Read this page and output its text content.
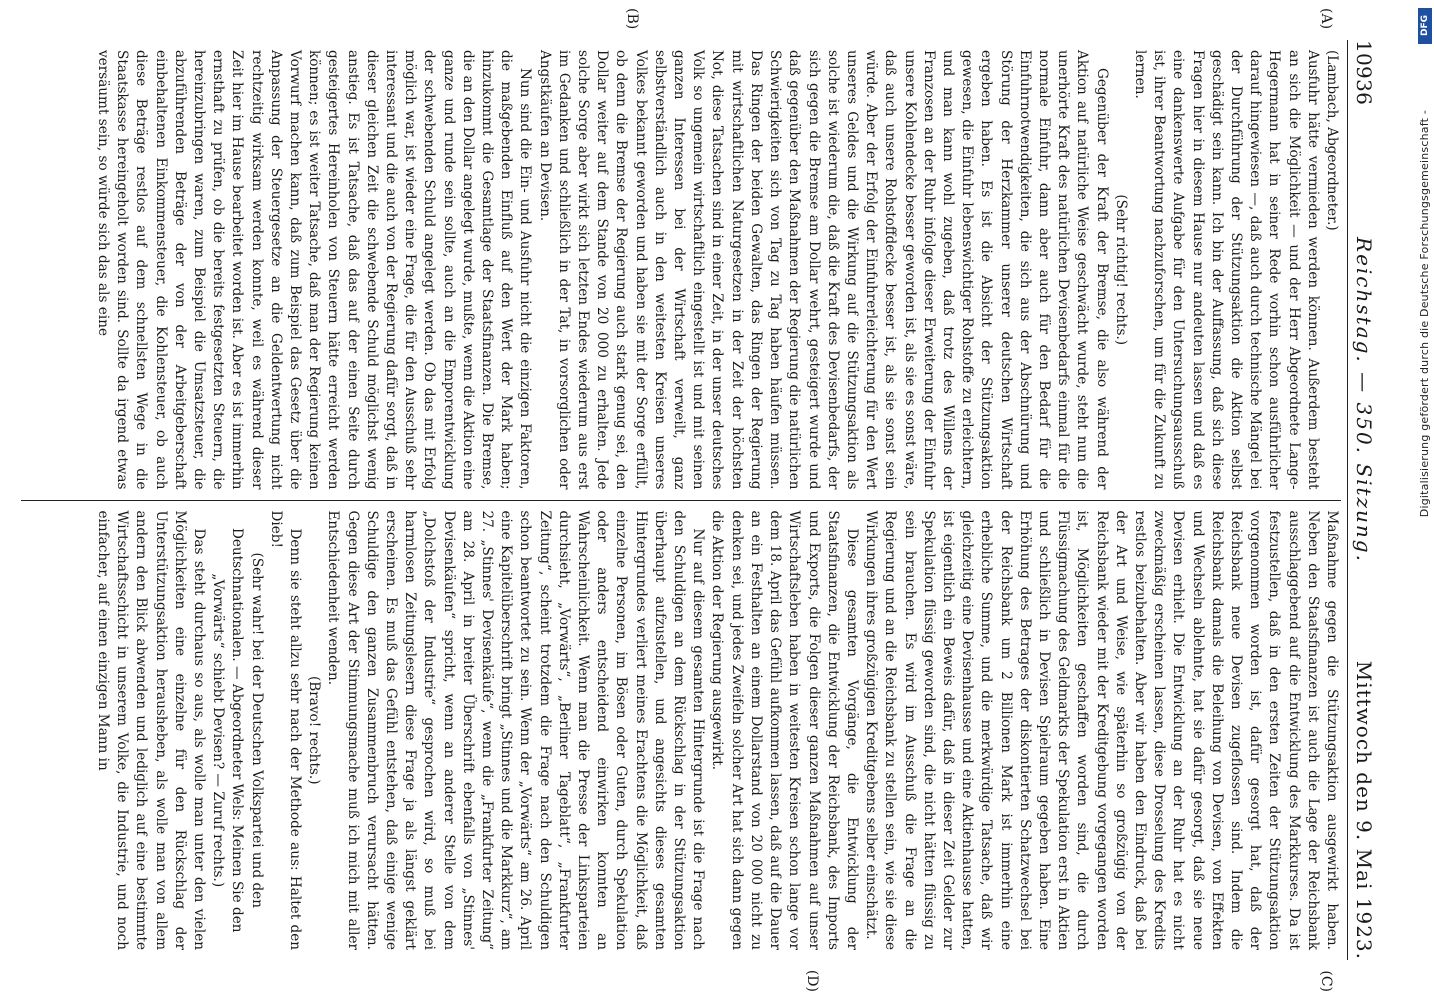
10936
Reichstag. — 350. Sitzung.
Mittwoch den 9. Mai 1923.
(A)
(B)

(Lambach, Abgeordneter.)

Ausfuhr hätte vermieden werden können. Außerdem besteht an sich die Möglichkeit — und der Herr Abgeordnete Lange-Hegermann hat in seiner Rede vorhin schon ausführlicher darauf hingewiesen —, daß auch durch technische Mängel bei der Durchführung der Stützungsaktion die Aktion selbst geschädigt sein kann. Ich bin der Auffassung, daß sich diese Fragen hier in diesem Hause nur andeuten lassen und daß es eine dankenswerte Aufgabe für den Untersuchungsausschuß ist, ihrer Beantwortung nachzuforschen, um für die Zukunft zu lernen.

(Sehr richtig! rechts.)

Gegenüber der Kraft der Bremse, die also während der Aktion auf natürliche Weise geschwächt wurde, steht nun die unerhörte Kraft des natürlichen Devisenbedarfs einmal für die normale Einfuhr, dann aber auch für den Bedarf für die Einfuhrnotwendigkeiten, die sich aus der Abschnürung und Störung der Herzkammer unserer deutschen Wirtschaft ergeben haben. Es ist die Absicht der Stützungsaktion gewesen, die Einfuhr lebenswichtiger Rohstoffe zu erleichtern, und man kann wohl zugeben, daß trotz des Willens der Franzosen an der Ruhr infolge dieser Erweiterung der Einfuhr unsere Kohlendecke besser geworden ist, als sie es sonst wäre, daß auch unsere Rohstoffdecke besser ist, als sie sonst sein würde. Aber der Erfolg der Einfuhrerleichterung für den Wert unseres Geldes und die Wirkung auf die Stützungsaktion als solche ist wiederum die, daß die Kraft des Devisenbedarfs, der sich gegen die Bremse am Dollar wehrt, gesteigert wurde und daß gegenüber den Maßnahmen der Regierung die natürlichen Schwierigkeiten sich von Tag zu Tag haben häufen müssen. Das Ringen der beiden Gewalten, das Ringen der Regierung mit wirtschaftlichen Naturgesetzen in der Zeit der höchsten Not, diese Tatsachen sind in einer Zeit, in der unser deutsches Volk so ungemein wirtschaftlich eingestellt ist und mit seinen ganzen Interessen bei der Wirtschaft verweilt, ganz selbstverständlich auch in den weitesten Kreisen unseres Volkes bekannt geworden und haben sie mit der Sorge erfüllt, ob denn die Bremse der Regierung auch stark genug sei, den Dollar weiter auf dem Stande von 20 000 zu erhalten. Jede solche Sorge aber wirkt sich letzten Endes wiederum aus erst im Gedanken und schließlich in der Tat, in vorsorglichen oder Angstkäufen an Devisen.

Nun sind die Ein- und Ausfuhr nicht die einzigen Faktoren, die maßgebenden Einfluß auf den Wert der Mark haben; hinzukommt die Gesamtlage der Staatsfinanzen. Die Bremse, die an den Dollar angelegt wurde, mußte, wenn die Aktion eine ganze und runde sein sollte, auch an die Emporentwicklung der schwebenden Schuld angelegt werden. Ob das mit Erfolg möglich war, ist wieder eine Frage, die für den Ausschuß sehr interessant und die auch von der Regierung dafür sorgt, daß in dieser gleichen Zeit die schwebende Schuld möglichst wenig anstieg. Es ist Tatsache, daß das auf der einen Seite durch gesteigertes Hereinholen von Steuern hätte erreicht werden können; es ist weiter Tatsache, daß man der Regierung keinen Vorwurf machen kann, daß zum Beispiel das Gesetz über die Anpassung der Steuergesetze an die Geldentwertung nicht rechtzeitig wirksam werden konnte, weil es während dieser Zeit hier im Hause bearbeitet worden ist. Aber es ist immerhin ernsthaft zu prüfen, ob die bereits festgesetzten Steuern, die hereinzubringen waren, zum Beispiel die Umsatzsteuer, die abzuführenden Beträge der von der Arbeitgeberschaft einbehaltenen Einkommensteuer, die Kohlensteuer, ob auch diese Beträge restlos auf dem schnellsten Wege in die Staatskasse hereingeholt worden sind. Sollte da irgend etwas versäumt sein, so würde sich das als eine

(C)
(D)

Maßnahme gegen die Stützungsaktion ausgewirkt haben. Neben den Staatsfinanzen ist auch die Lage der Reichsbank ausschlaggebend auf die Entwicklung des Markkurses. Da ist festzustellen, daß in den ersten Zeiten der Stützungsaktion vorgenommen worden ist, dafür gesorgt hat, daß der Reichsbank neue Devisen zugeflossen sind. Indem die Reichsbank damals die Beleihung von Devisen, von Effekten und Wechseln ablehnte, hat sie dafür gesorgt, daß sie neue Devisen erhielt. Die Entwicklung an der Ruhr hat es nicht zweckmäßig erscheinen lassen, diese Drosselung des Kredits restlos beizubehalten. Aber wir haben den Eindruck, daß bei der Art und Weise, wie späterhin so großzügig von der Reichsbank wieder mit der Kreditgebung vorgegangen worden ist, Möglichkeiten geschaffen worden sind, die durch Flüssigmachung des Geldmarkts der Spekulation erst in Aktien und schließlich in Devisen Spielraum gegeben haben. Eine Erhöhung des Betrages der diskontierten Schatzwechsel bei der Reichsbank um 2 Billionen Mark ist immerhin eine erhebliche Summe, und die merkwürdige Tatsache, daß wir gleichzeitig eine Devisenhausse und eine Aktienhausse hatten, ist eigentlich ein Beweis dafür, daß in dieser Zeit Gelder zur Spekulation flüssig geworden sind, die nicht hätten flüssig zu sein brauchen. Es wird im Ausschuß die Frage an die Regierung und an die Reichsbank zu stellen sein, wie sie diese Wirkungen ihres großzügigen Kreditgebens selber einschätzt.

Diese gesamten Vorgänge, die Entwicklung der Staatsfinanzen, die Entwicklung der Reichsbank, des Imports und Exports, die Folgen dieser ganzen Maßnahmen auf unser Wirtschaftsleben haben in weitesten Kreisen schon lange vor dem 18. April das Gefühl aufkommen lassen, daß auf die Dauer an ein Festhalten an einem Dollarstand von 20 000 nicht zu denken sei, und jedes Zweifeln solcher Art hat sich dann gegen die Aktion der Regierung ausgewirkt.

Nur auf diesem gesamten Hintergrunde ist die Frage nach den Schuldigen an dem Rückschlag in der Stützungsaktion überhaupt aufzustellen, und angesichts dieses gesamten Hintergrundes verliert meines Erachtens die Möglichkeit, daß einzelne Personen, im Bösen oder Guten, durch Spekulation oder anders entscheidend einwirken konnten an Wahrscheinlichkeit. Wenn man die Presse der Linksparteien durchsieht, „Vorwärts“, „Berliner Tageblatt“, „Frankfurter Zeitung“, scheint trotzdem die Frage nach den Schuldigen schon beantwortet zu sein. Wenn der „Vorwärts“ am 26. April eine Kapitelüberschrift bringt „Stinnes und die Markkurz“, am 27. „Stinnes' Devisenkäufe“, wenn die „Frankfurter Zeitung“ am 28. April in breiter Überschrift ebenfalls von „Stinnes' Devisenkäufen“ spricht, wenn an anderer Stelle von dem „Dolchstoß der Industrie“ gesprochen wird, so muß bei harmlosen Zeitungslesern diese Frage ja als längst geklärt erscheinen. Es muß das Gefühl entstehen, daß einige wenige Schuldige den ganzen Zusammenbruch verursacht hätten. Gegen diese Art der Stimmungsmache muß ich mich mit aller Entschiedenheit wenden.

(Bravo! rechts.)

Denn sie steht allzu sehr nach der Methode aus: Haltet den Dieb!

(Sehr wahr! bei der Deutschen Volkspartei und den Deutschnationalen. — Abgeordneter Wels: Meinen Sie den „Vorwärts“ schiebt Devisen? — Zuruf rechts.)

Das steht durchaus so aus, als wolle man unter den vielen Möglichkeiten eine einzelne für den Rückschlag der Unterstützungsaktion herausheben, als wolle man von allem andern den Blick abwenden und lediglich auf eine bestimmte Wirtschaftsschicht in unserem Volke, die Industrie, und noch einfacher, auf einen einzigen Mann in

DFG
Digitalisierung gefördert durch die Deutsche Forschungsgemeinschaft -
